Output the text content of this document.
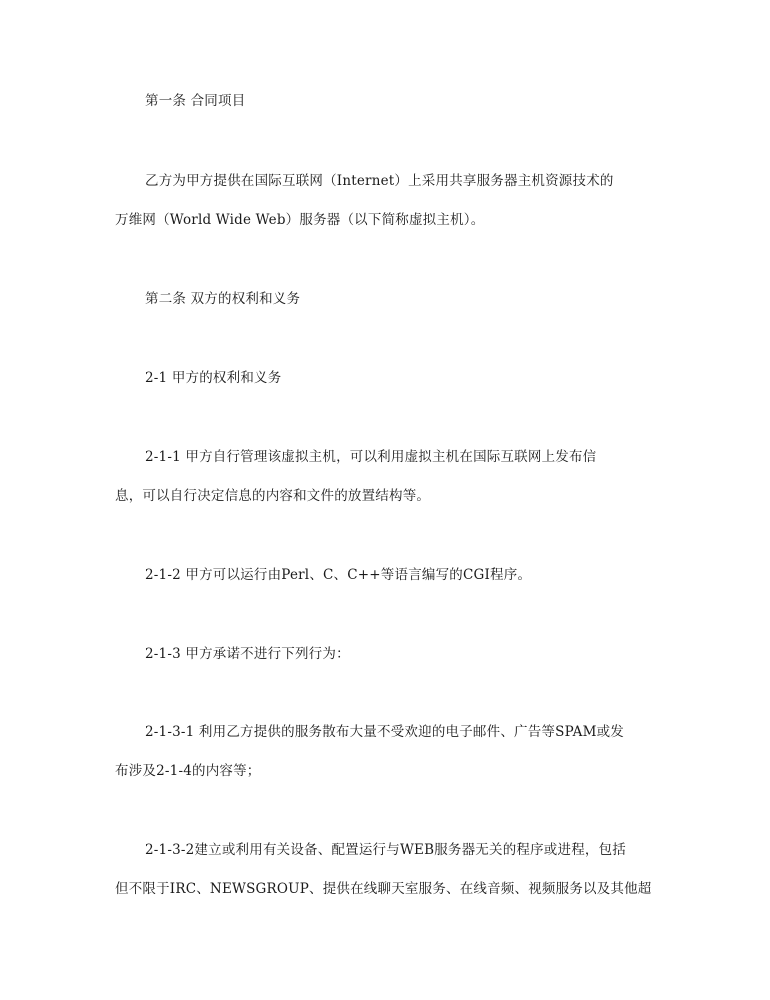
第一条 合同项目
乙方为甲方提供在国际互联网（Internet）上采用共享服务器主机资源技术的
万维网（World Wide Web）服务器（以下简称虚拟主机）。
第二条 双方的权利和义务
2-1 甲方的权利和义务
2-1-1 甲方自行管理该虚拟主机，可以利用虚拟主机在国际互联网上发布信
息，可以自行决定信息的内容和文件的放置结构等。
2-1-2 甲方可以运行由Perl、C、C++等语言编写的CGI程序。
2-1-3 甲方承诺不进行下列行为：
2-1-3-1 利用乙方提供的服务散布大量不受欢迎的电子邮件、广告等SPAM或发
布涉及2-1-4的内容等；
2-1-3-2建立或利用有关设备、配置运行与WEB服务器无关的程序或进程，包括
但不限于IRC、NEWSGROUP、提供在线聊天室服务、在线音频、视频服务以及其他超
